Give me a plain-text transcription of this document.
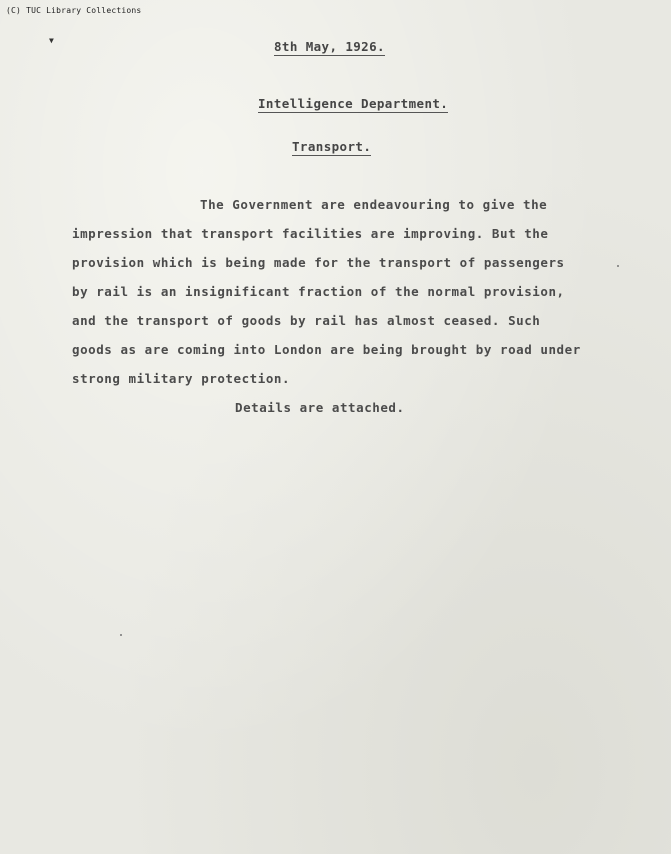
(C) TUC Library Collections
▼	8th May, 1926.
Intelligence Department.
Transport.
The Government are endeavouring to give the
impression that transport facilities are improving. But the
provision which is being made for the transport of passengers
by rail is an insignificant fraction of the normal provision,
and the transport of goods by rail has almost ceased. Such
goods as are coming into London are being brought by road under
strong military protection.
Details are attached.
